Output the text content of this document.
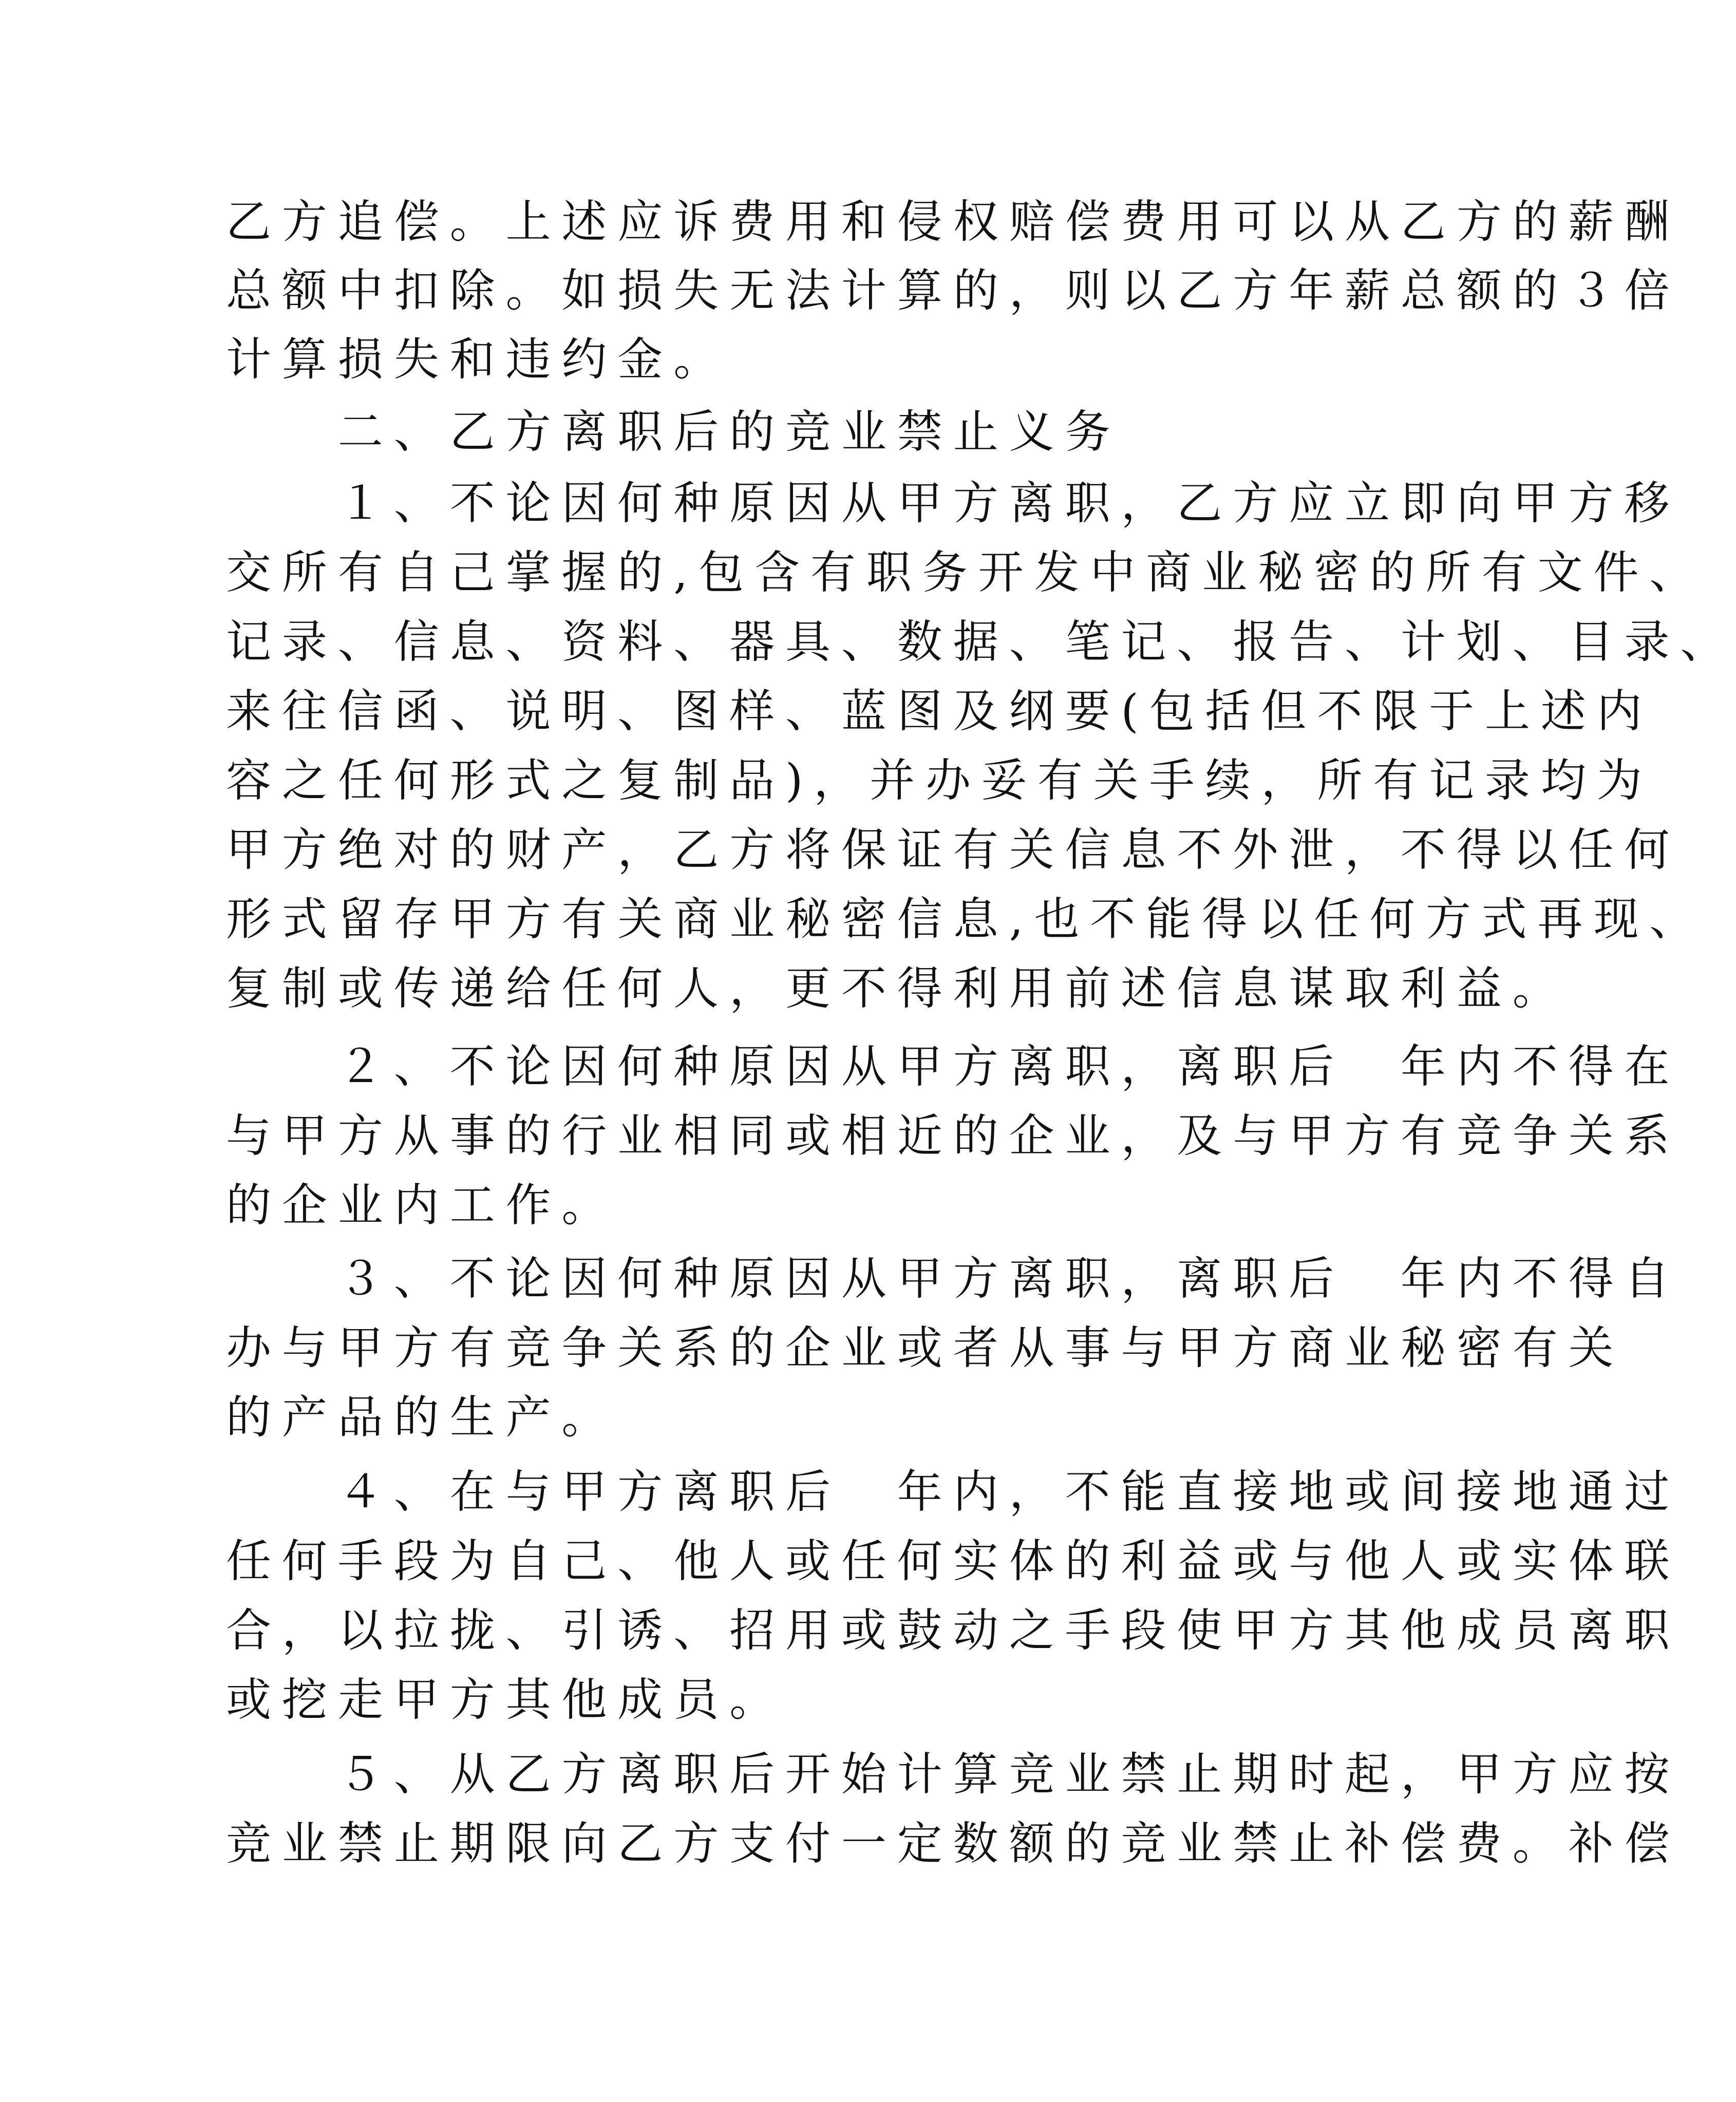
乙方追偿。上述应诉费用和侵权赔偿费用可以从乙方的薪酬
总额中扣除。如损失无法计算的，则以乙方年薪总额的３倍
计算损失和违约金。
　　二、乙方离职后的竞业禁止义务
　　１、不论因何种原因从甲方离职，乙方应立即向甲方移
交所有自己掌握的,包含有职务开发中商业秘密的所有文件、
记录、信息、资料、器具、数据、笔记、报告、计划、目录、
来往信函、说明、图样、蓝图及纲要(包括但不限于上述内
容之任何形式之复制品)，并办妥有关手续，所有记录均为
甲方绝对的财产，乙方将保证有关信息不外泄，不得以任何
形式留存甲方有关商业秘密信息,也不能得以任何方式再现、
复制或传递给任何人，更不得利用前述信息谋取利益。
　　２、不论因何种原因从甲方离职，离职后　年内不得在
与甲方从事的行业相同或相近的企业，及与甲方有竞争关系
的企业内工作。
　　３、不论因何种原因从甲方离职，离职后　年内不得自
办与甲方有竞争关系的企业或者从事与甲方商业秘密有关
的产品的生产。
　　４、在与甲方离职后　年内，不能直接地或间接地通过
任何手段为自己、他人或任何实体的利益或与他人或实体联
合，以拉拢、引诱、招用或鼓动之手段使甲方其他成员离职
或挖走甲方其他成员。
　　５、从乙方离职后开始计算竞业禁止期时起，甲方应按
竞业禁止期限向乙方支付一定数额的竞业禁止补偿费。补偿
